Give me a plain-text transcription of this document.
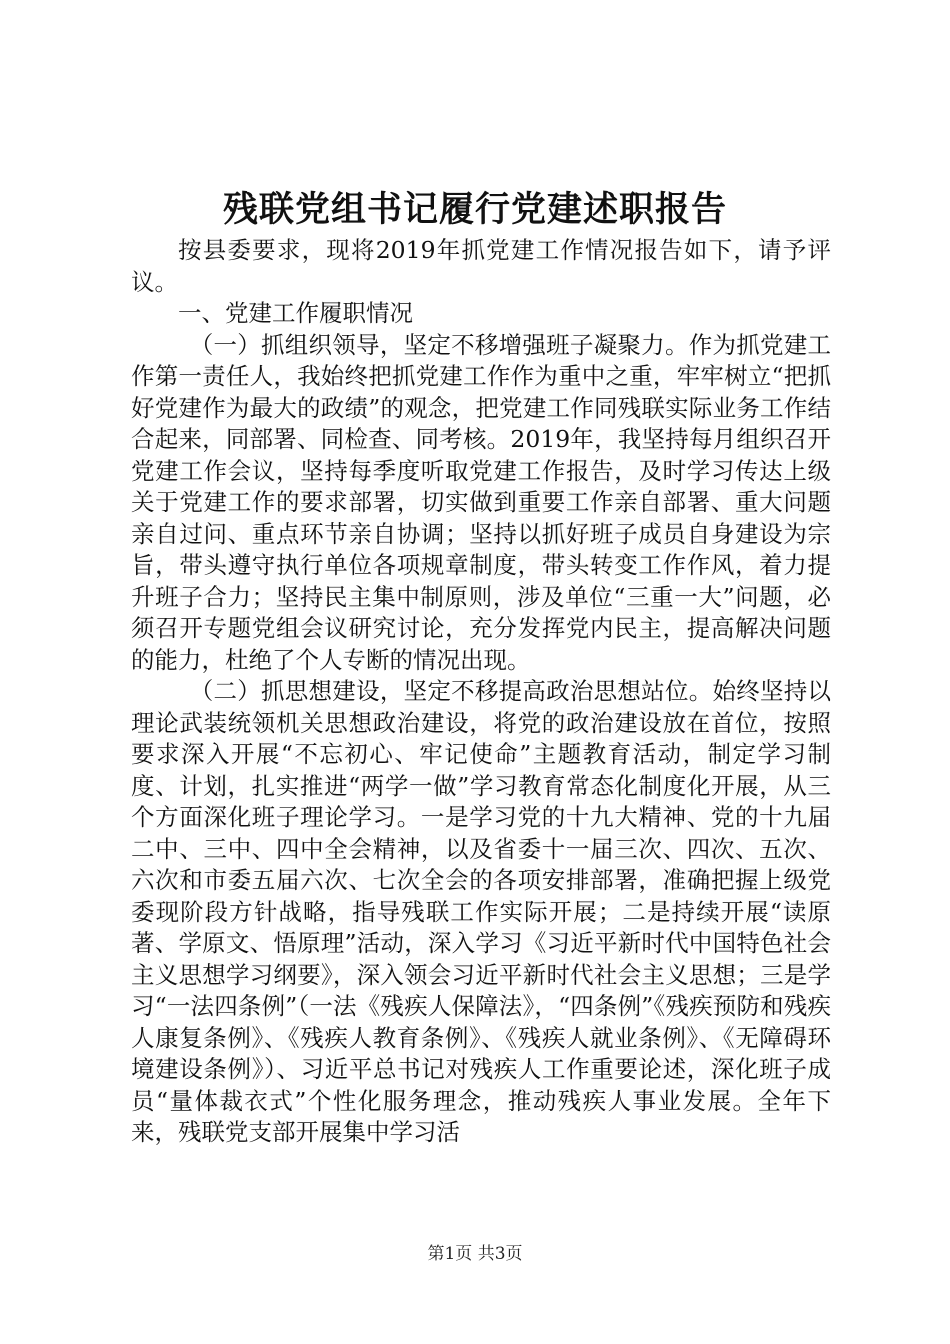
残联党组书记履行党建述职报告

按县委要求，现将2019年抓党建工作情况报告如下，请予评议。

一、党建工作履职情况

（一）抓组织领导，坚定不移增强班子凝聚力。作为抓党建工作第一责任人，我始终把抓党建工作作为重中之重，牢牢树立“把抓好党建作为最大的政绩”的观念，把党建工作同残联实际业务工作结合起来，同部署、同检查、同考核。2019年，我坚持每月组织召开党建工作会议，坚持每季度听取党建工作报告，及时学习传达上级关于党建工作的要求部署，切实做到重要工作亲自部署、重大问题亲自过问、重点环节亲自协调；坚持以抓好班子成员自身建设为宗旨，带头遵守执行单位各项规章制度，带头转变工作作风，着力提升班子合力；坚持民主集中制原则，涉及单位“三重一大”问题，必须召开专题党组会议研究讨论，充分发挥党内民主，提高解决问题的能力，杜绝了个人专断的情况出现。

（二）抓思想建设，坚定不移提高政治思想站位。始终坚持以理论武装统领机关思想政治建设，将党的政治建设放在首位，按照要求深入开展“不忘初心、牢记使命”主题教育活动，制定学习制度、计划，扎实推进“两学一做”学习教育常态化制度化开展，从三个方面深化班子理论学习。一是学习党的十九大精神、党的十九届二中、三中、四中全会精神，以及省委十一届三次、四次、五次、六次和市委五届六次、七次全会的各项安排部署，准确把握上级党委现阶段方针战略，指导残联工作实际开展；二是持续开展“读原著、学原文、悟原理”活动，深入学习《习近平新时代中国特色社会主义思想学习纲要》，深入领会习近平新时代社会主义思想；三是学习“一法四条例”（一法《残疾人保障法》，“四条例”《残疾预防和残疾人康复条例》、《残疾人教育条例》、《残疾人就业条例》、《无障碍环境建设条例》）、习近平总书记对残疾人工作重要论述，深化班子成员“量体裁衣式”个性化服务理念，推动残疾人事业发展。全年下来，残联党支部开展集中学习活

第1页 共3页
